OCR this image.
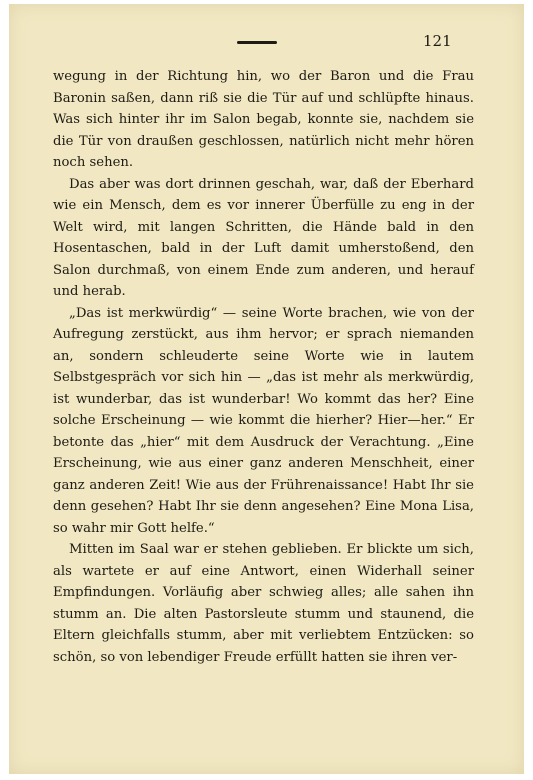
121

wegung in der Richtung hin, wo der Baron und die Frau Baronin saßen, dann riß sie die Tür auf und schlüpfte hinaus. Was sich hinter ihr im Salon begab, konnte sie, nachdem sie die Tür von draußen geschlossen, natürlich nicht mehr hören noch sehen.

Das aber was dort drinnen geschah, war, daß der Eberhard wie ein Mensch, dem es vor innerer Überfülle zu eng in der Welt wird, mit langen Schritten, die Hände bald in den Hosentaschen, bald in der Luft damit umherstoßend, den Salon durchmaß, von einem Ende zum anderen, und herauf und herab.

„Das ist merkwürdig“ — seine Worte brachen, wie von der Aufregung zerstückt, aus ihm hervor; er sprach niemanden an, sondern schleuderte seine Worte wie in lautem Selbstgespräch vor sich hin — „das ist mehr als merkwürdig, ist wunderbar, das ist wunderbar! Wo kommt das her? Eine solche Erscheinung — wie kommt die hierher? Hier—her.“ Er betonte das „hier“ mit dem Ausdruck der Verachtung. „Eine Erscheinung, wie aus einer ganz anderen Menschheit, einer ganz anderen Zeit! Wie aus der Frührenaissance! Habt Ihr sie denn gesehen? Habt Ihr sie denn angesehen? Eine Mona Lisa, so wahr mir Gott helfe.“

Mitten im Saal war er stehen geblieben. Er blickte um sich, als wartete er auf eine Antwort, einen Widerhall seiner Empfindungen. Vorläufig aber schwieg alles; alle sahen ihn stumm an. Die alten Pastorsleute stumm und staunend, die Eltern gleichfalls stumm, aber mit verliebtem Entzücken: so schön, so von lebendiger Freude erfüllt hatten sie ihren ver-
